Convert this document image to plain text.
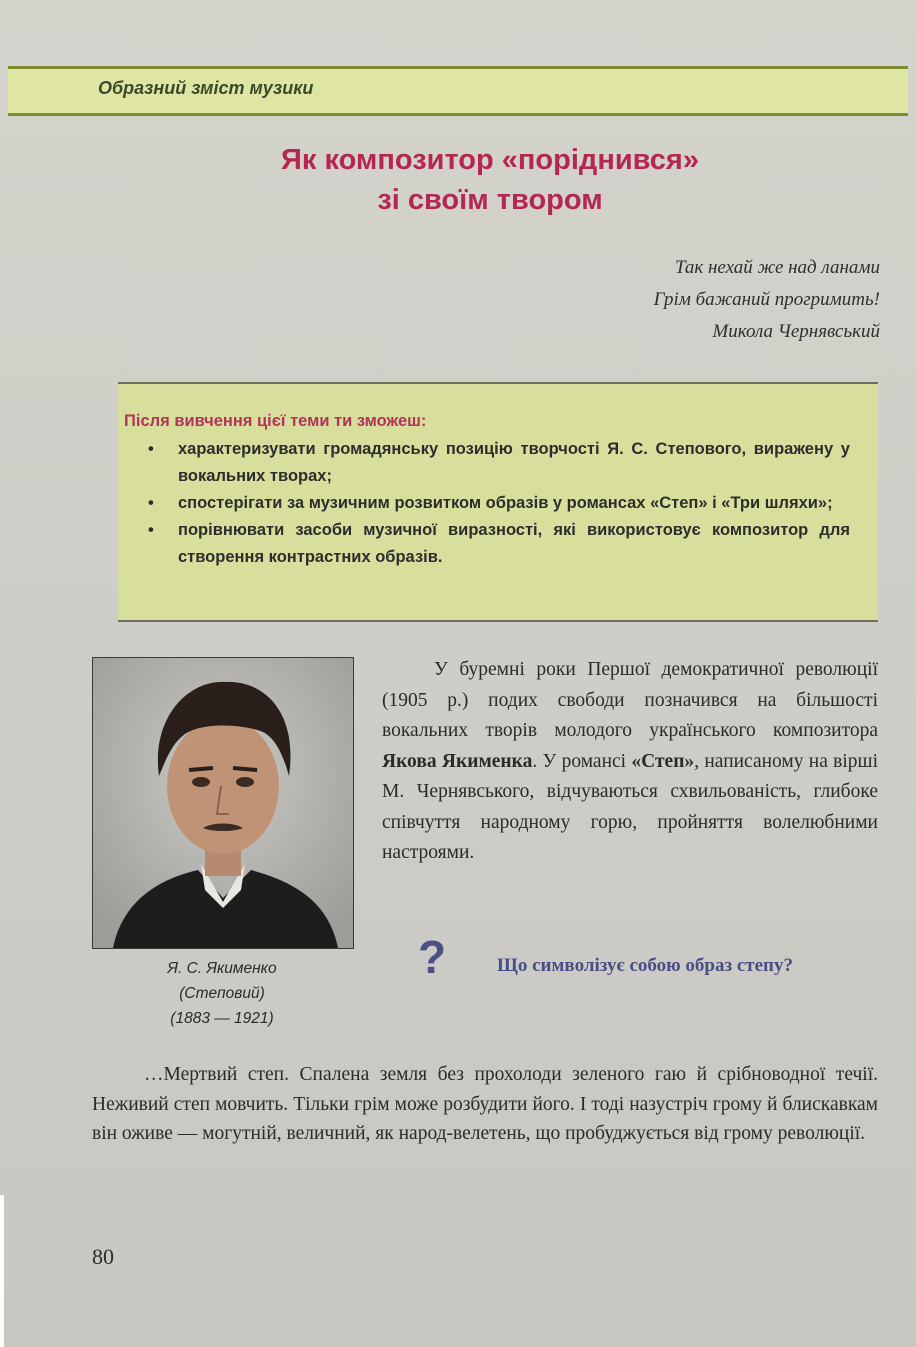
Образний зміст музики
Як композитор «поріднився»
зі своїм твором
Так нехай же над ланами
Грім бажаний прогримить!
Микола Чернявський
Після вивчення цієї теми ти зможеш:
• характеризувати громадянську позицію творчості Я. С. Степового, виражену у вокальних творах;
• спостерігати за музичним розвитком образів у романсах «Степ» і «Три шляхи»;
• порівнювати засоби музичної виразності, які використовує композитор для створення контрастних образів.
Я. С. Якименко
(Степовий)
(1883 — 1921)

У буремні роки Першої демократичної революції (1905 р.) подих свободи позначився на більшості вокальних творів молодого українського композитора Якова Якименка. У романсі «Степ», написаному на вірші М. Чернявського, відчуваються схвильованість, глибоке співчуття народному горю, пройняття волелюбними настроями.

?	Що символізує собою образ степу?

…Мертвий степ. Спалена земля без прохолоди зеленого гаю й срібноводної течії. Неживий степ мовчить. Тільки грім може розбудити його. І тоді назустріч грому й блискавкам він оживе — могутній, величний, як народ-велетень, що пробуджується від грому революції.

80
